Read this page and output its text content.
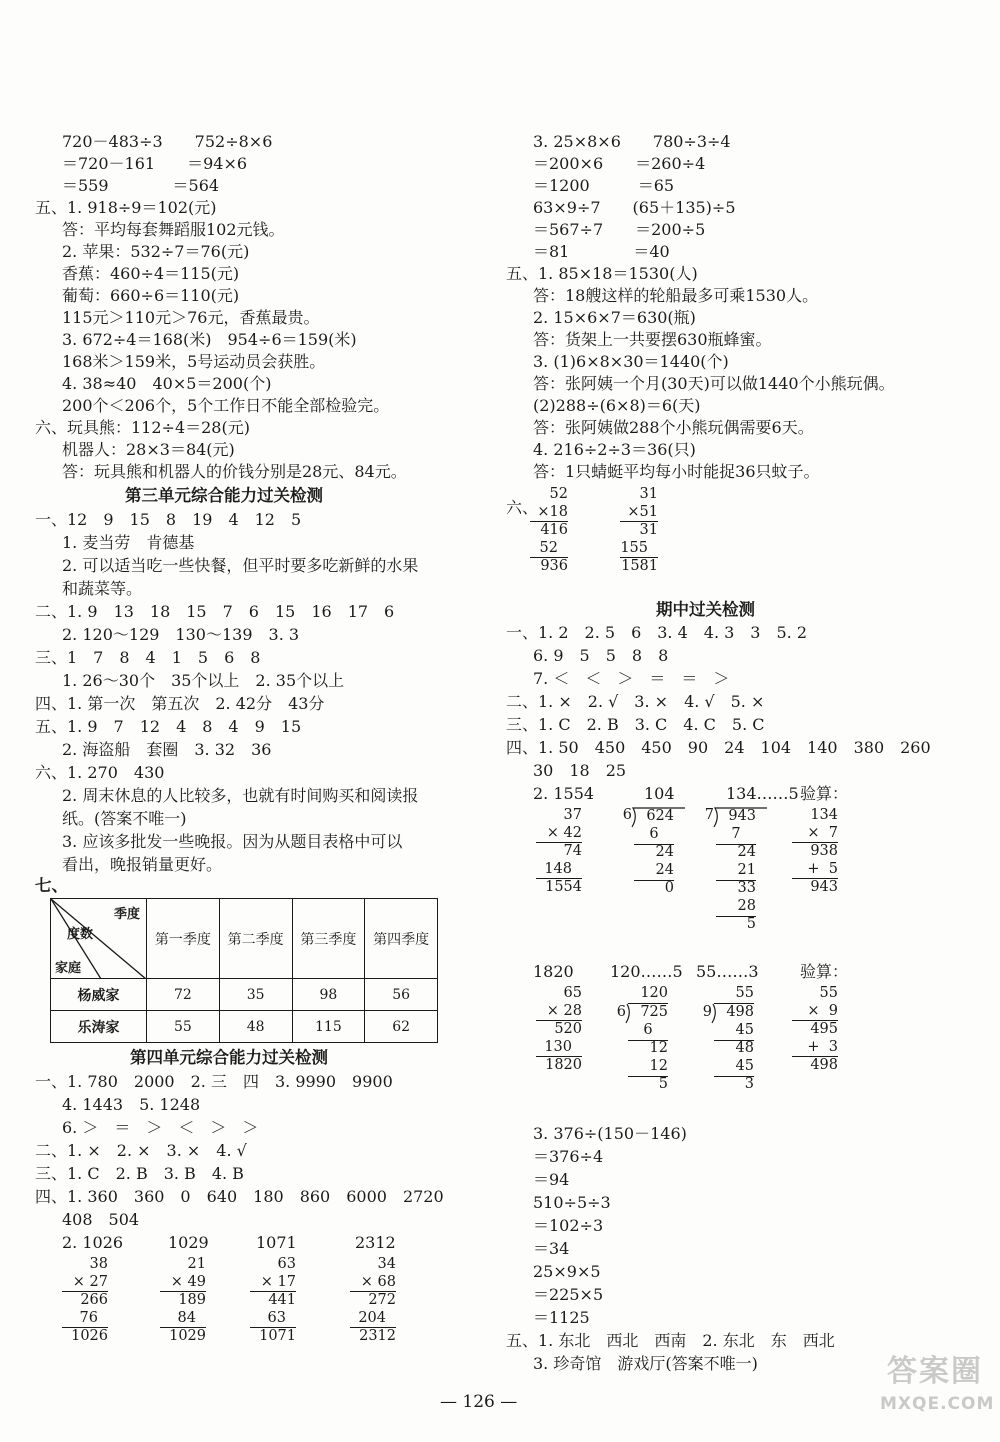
720－483÷3　　752÷8×6
＝720－161　　＝94×6
＝559　　　　＝564
五、1. 918÷9＝102(元)
答：平均每套舞蹈服102元钱。
2. 苹果：532÷7＝76(元)
香蕉：460÷4＝115(元)
葡萄：660÷6＝110(元)
115元＞110元＞76元，香蕉最贵。
3. 672÷4＝168(米)　954÷6＝159(米)
168米＞159米，5号运动员会获胜。
4. 38≈40　40×5＝200(个)
200个＜206个，5个工作日不能全部检验完。
六、玩具熊：112÷4＝28(元)
机器人：28×3＝84(元)
答：玩具熊和机器人的价钱分别是28元、84元。
第三单元综合能力过关检测
一、12　9　15　8　19　4　12　5
1. 麦当劳　肯德基
2. 可以适当吃一些快餐，但平时要多吃新鲜的水果
和蔬菜等。
二、1. 9　13　18　15　7　6　15　16　17　6
2. 120～129　130～139　3. 3
三、1　7　8　4　1　5　6　8
1. 26～30个　35个以上　2. 35个以上
四、1. 第一次　第五次　2. 42分　43分
五、1. 9　7　12　4　8　4　9　15
2. 海盗船　套圈　3. 32　36
六、1. 270　430
2. 周末休息的人比较多，也就有时间购买和阅读报
纸。(答案不唯一)
3. 应该多批发一些晚报。因为从题目表格中可以
看出，晚报销量更好。
七、
季度
度数
家庭	第一季度	第二季度	第三季度	第四季度
杨威家	72	35	98	56
乐涛家	55	48	115	62
第四单元综合能力过关检测
一、1. 780　2000　2. 三　四　3. 9990　9900
4. 1443　5. 1248
6. ＞　＝　＞　＜　＞　＞
二、1. ×　2. ×　3. ×　4. √
三、1. C　2. B　3. B　4. B
四、1. 360　360　0　640　180　860　6000　2720
408　504
2. 1026	1029	1071	2312
38
× 27
266
76
1026
21
× 49
189
84
1029
63
× 17
441
63
1071
34
× 68
272
204
2312
3. 25×8×6　　780÷3÷4
＝200×6　　＝260÷4
＝1200　　　＝65
63×9÷7　　(65＋135)÷5
＝567÷7　　＝200÷5
＝81　　　　＝40
五、1. 85×18＝1530(人)
答：18艘这样的轮船最多可乘1530人。
2. 15×6×7＝630(瓶)
答：货架上一共要摆630瓶蜂蜜。
3. (1)6×8×30＝1440(个)
答：张阿姨一个月(30天)可以做1440个小熊玩偶。
(2)288÷(6×8)＝6(天)
答：张阿姨做288个小熊玩偶需要6天。
4. 216÷2÷3＝36(只)
答：1只蜻蜓平均每小时能捉36只蚊子。
六、
52
×18
416
52
936
31
×51
31
155
1581
期中过关检测
一、1. 2　2. 5　6　3. 4　4. 3　3　5. 2
6. 9　5　5　8　8
7. ＜　＜　＞　＝　＝　＞
二、1. ×　2. √　3. ×　4. √　5. ×
三、1. C　2. B　3. C　4. C　5. C
四、1. 50　450　450　90　24　104　140　380　260
30　18　25
2. 1554	104	134……5 验算：
37
× 42
74
148
1554
6 624
6
24
24
0
7 943
7
24
21
33
28
5
134
×  7
938
+  5
943
1820 120……5 55……3	验算：
65
× 28
520
130
1820
120
6 725
6
12
12
5
55
9 498
45
48
45
3
55
×  9
495
+  3
498
3. 376÷(150－146)
＝376÷4
＝94
510÷5÷3
＝102÷3
＝34
25×9×5
＝225×5
＝1125
五、1. 东北　西北　西南　2. 东北　东　西北
3. 珍奇馆　游戏厅(答案不唯一)
— 126 —
答案圈
MXQE.COM
